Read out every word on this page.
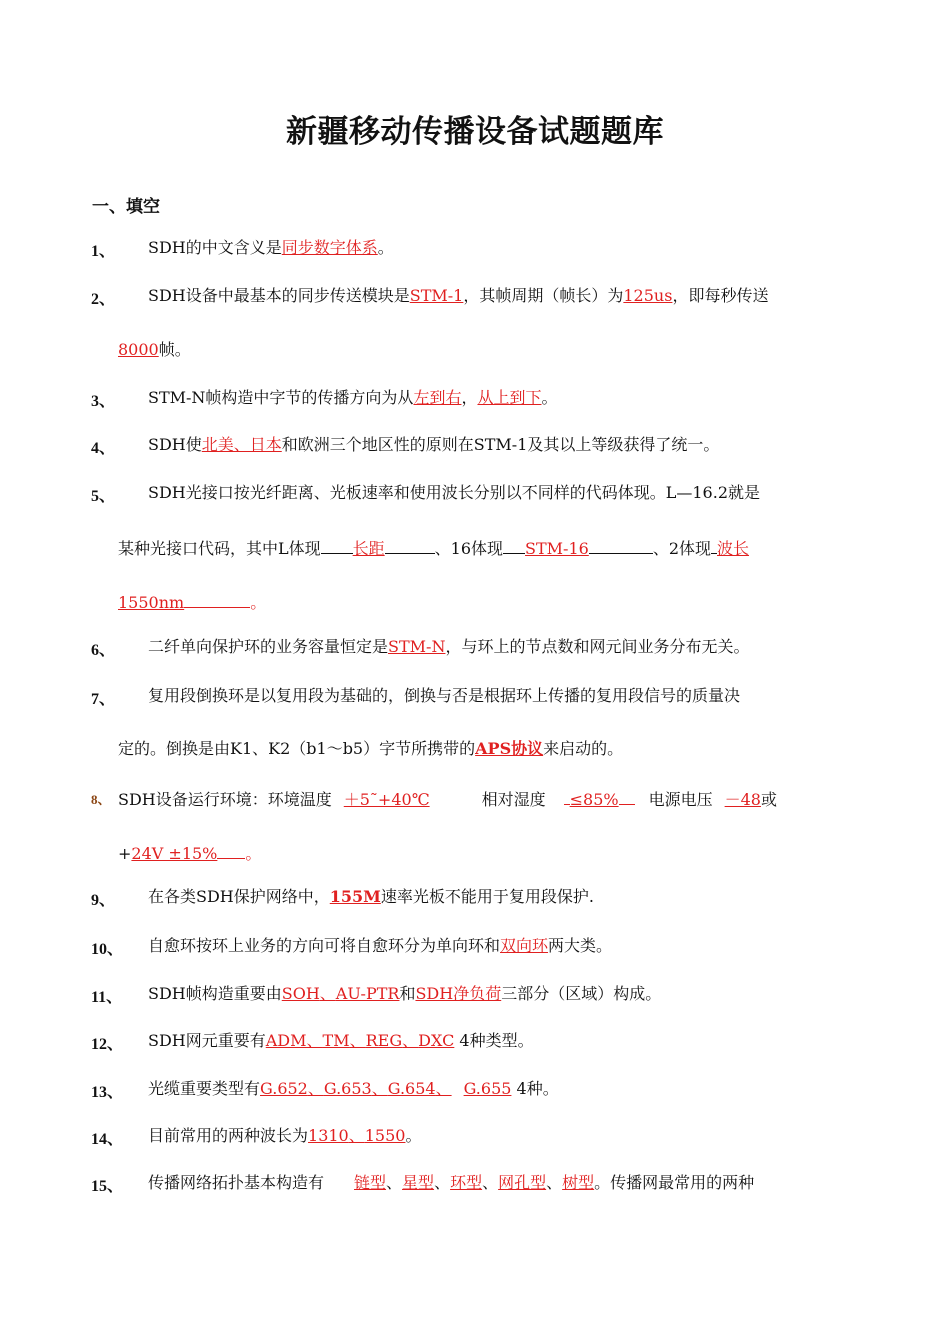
新疆移动传播设备试题题库
一、填空
1、 SDH的中文含义是同步数字体系。
2、 SDH设备中最基本的同步传送模块是STM-1，其帧周期（帧长）为125us，即每秒传送
8000帧。
3、 STM-N帧构造中字节的传播方向为从左到右，从上到下。
4、 SDH使北美、日本和欧洲三个地区性的原则在STM-1及其以上等级获得了统一。
5、 SDH光接口按光纤距离、光板速率和使用波长分别以不同样的代码体现。L—16.2就是
某种光接口代码，其中L体现 长距	、16体现 STM-16	、2体现 波长
1550nm	。
6、 二纤单向保护环的业务容量恒定是STM-N，与环上的节点数和网元间业务分布无关。
7、 复用段倒换环是以复用段为基础的，倒换与否是根据环上传播的复用段信号的质量决
定的。倒换是由K1、K2（b1～b5）字节所携带的APS协议来启动的。
8、 SDH设备运行环境：环境温度 ＋5˜+40℃	相对湿度 ≤85% 电源电压 －48或
+24V ±15% 。
9、 在各类SDH保护网络中，155M速率光板不能用于复用段保护.
10、 自愈环按环上业务的方向可将自愈环分为单向环和双向环两大类。
11、 SDH帧构造重要由SOH、AU-PTR和SDH净负荷三部分（区域）构成。
12、 SDH网元重要有ADM、TM、REG、DXC 4种类型。
13、 光缆重要类型有G.652、G.653、G.654、 G.655 4种。
14、 目前常用的两种波长为1310、1550。
15、 传播网络拓扑基本构造有 链型、星型、环型、网孔型、树型。传播网最常用的两种
